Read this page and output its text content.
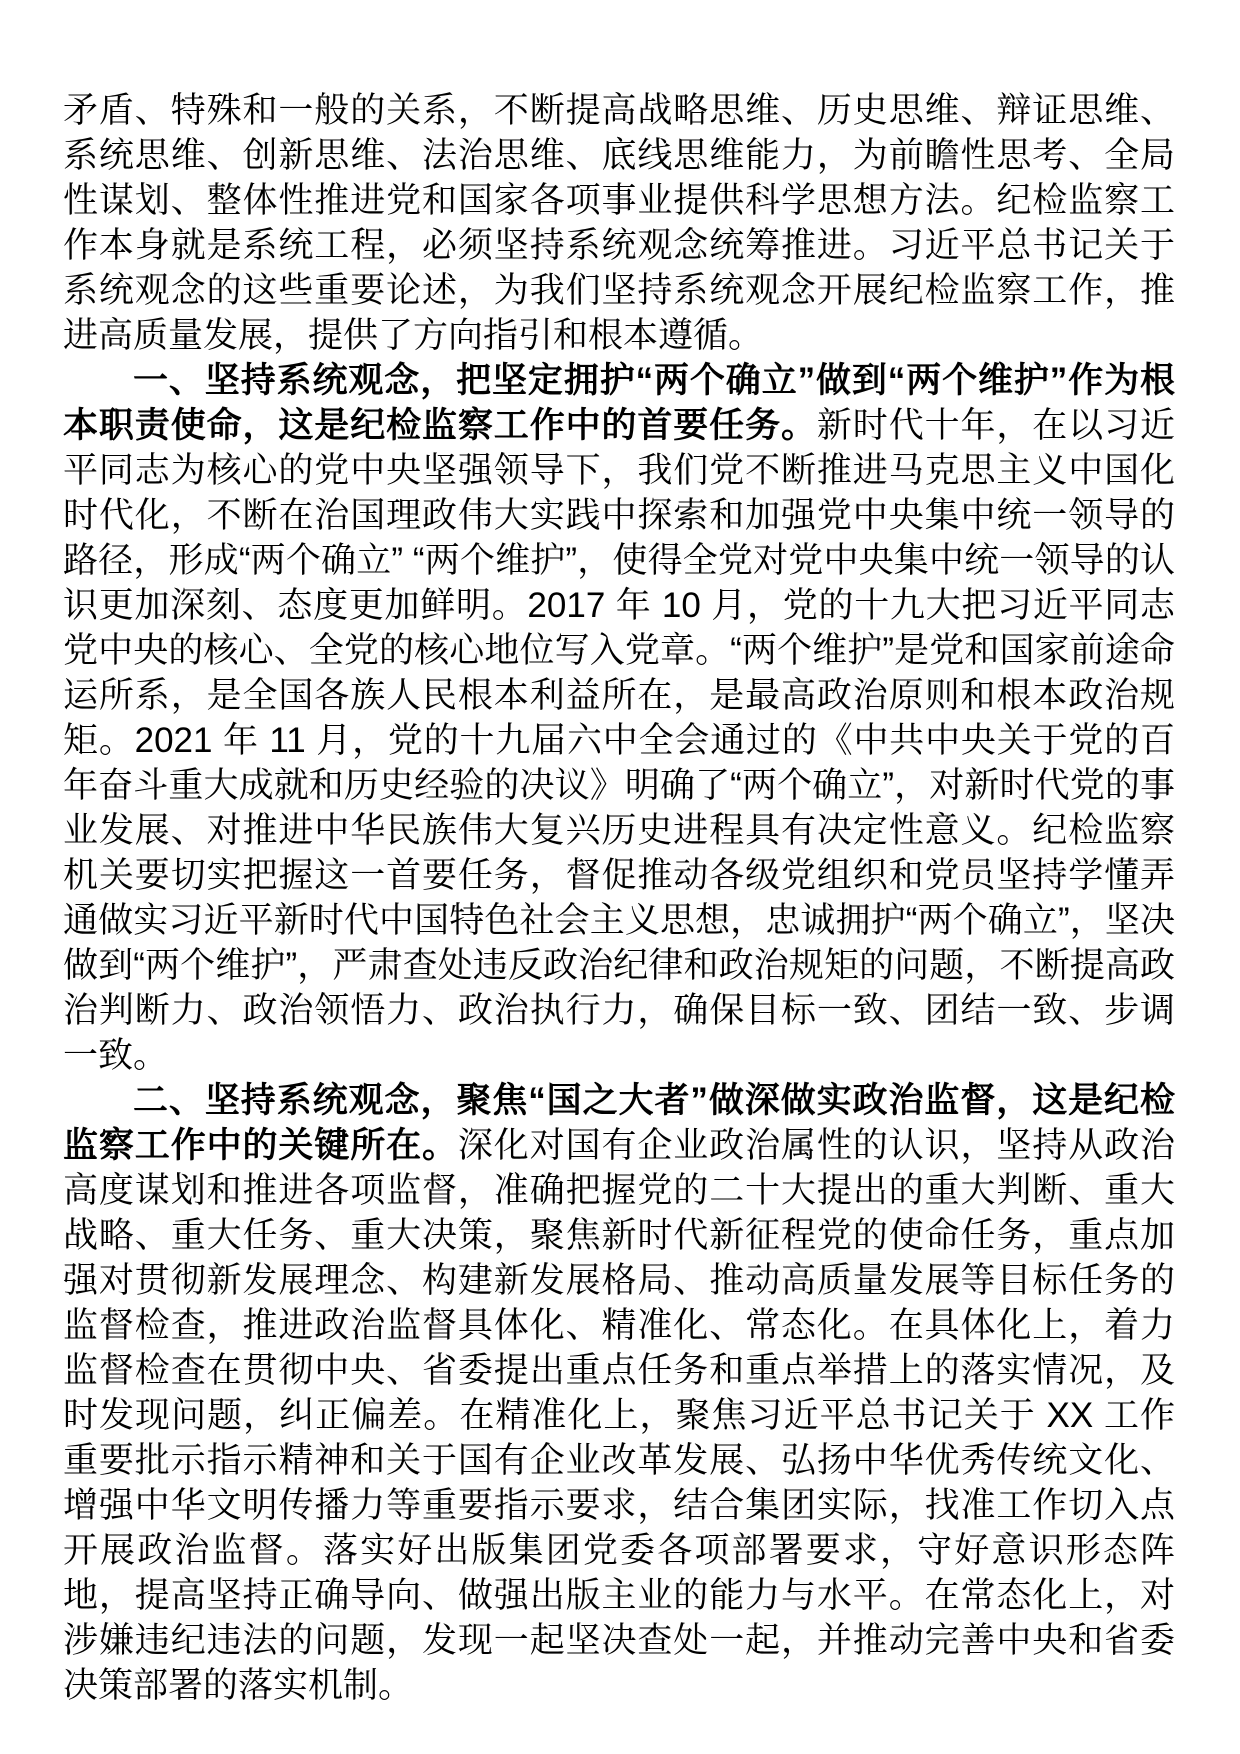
矛盾、特殊和一般的关系，不断提高战略思维、历史思维、辩证思维、系统思维、创新思维、法治思维、底线思维能力，为前瞻性思考、全局性谋划、整体性推进党和国家各项事业提供科学思想方法。纪检监察工作本身就是系统工程，必须坚持系统观念统筹推进。习近平总书记关于系统观念的这些重要论述，为我们坚持系统观念开展纪检监察工作，推进高质量发展，提供了方向指引和根本遵循。

一、坚持系统观念，把坚定拥护“两个确立”做到“两个维护”作为根本职责使命，这是纪检监察工作中的首要任务。新时代十年，在以习近平同志为核心的党中央坚强领导下，我们党不断推进马克思主义中国化时代化，不断在治国理政伟大实践中探索和加强党中央集中统一领导的路径，形成“两个确立” “两个维护”，使得全党对党中央集中统一领导的认识更加深刻、态度更加鲜明。2017 年 10 月，党的十九大把习近平同志党中央的核心、全党的核心地位写入党章。“两个维护”是党和国家前途命运所系，是全国各族人民根本利益所在，是最高政治原则和根本政治规矩。2021 年 11 月，党的十九届六中全会通过的《中共中央关于党的百年奋斗重大成就和历史经验的决议》明确了“两个确立”，对新时代党的事业发展、对推进中华民族伟大复兴历史进程具有决定性意义。纪检监察机关要切实把握这一首要任务，督促推动各级党组织和党员坚持学懂弄通做实习近平新时代中国特色社会主义思想，忠诚拥护“两个确立”，坚决做到“两个维护”，严肃查处违反政治纪律和政治规矩的问题，不断提高政治判断力、政治领悟力、政治执行力，确保目标一致、团结一致、步调一致。

二、坚持系统观念，聚焦“国之大者”做深做实政治监督，这是纪检监察工作中的关键所在。深化对国有企业政治属性的认识，坚持从政治高度谋划和推进各项监督，准确把握党的二十大提出的重大判断、重大战略、重大任务、重大决策，聚焦新时代新征程党的使命任务，重点加强对贯彻新发展理念、构建新发展格局、推动高质量发展等目标任务的监督检查，推进政治监督具体化、精准化、常态化。在具体化上，着力监督检查在贯彻中央、省委提出重点任务和重点举措上的落实情况，及时发现问题，纠正偏差。在精准化上，聚焦习近平总书记关于 XX 工作重要批示指示精神和关于国有企业改革发展、弘扬中华优秀传统文化、增强中华文明传播力等重要指示要求，结合集团实际，找准工作切入点开展政治监督。落实好出版集团党委各项部署要求，守好意识形态阵地，提高坚持正确导向、做强出版主业的能力与水平。在常态化上，对涉嫌违纪违法的问题，发现一起坚决查处一起，并推动完善中央和省委决策部署的落实机制。
